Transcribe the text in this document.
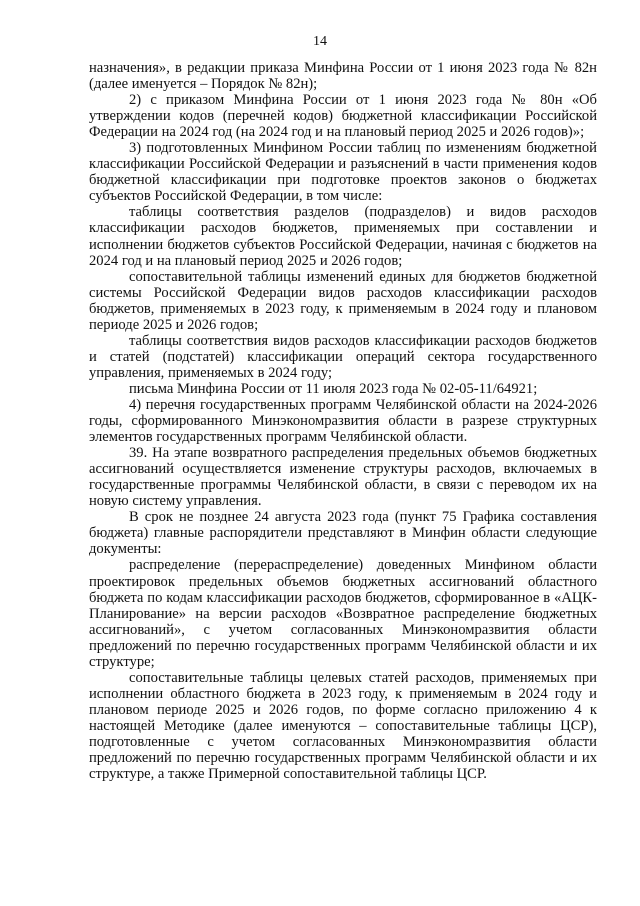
14

назначения», в редакции приказа Минфина России от 1 июня 2023 года № 82н (далее именуется – Порядок № 82н);

2) с приказом Минфина России от 1 июня 2023 года № 80н «Об утверждении кодов (перечней кодов) бюджетной классификации Российской Федерации на 2024 год (на 2024 год и на плановый период 2025 и 2026 годов)»;

3) подготовленных Минфином России таблиц по изменениям бюджетной классификации Российской Федерации и разъяснений в части применения кодов бюджетной классификации при подготовке проектов законов о бюджетах субъектов Российской Федерации, в том числе:

таблицы соответствия разделов (подразделов) и видов расходов классификации расходов бюджетов, применяемых при составлении и исполнении бюджетов субъектов Российской Федерации, начиная с бюджетов на 2024 год и на плановый период 2025 и 2026 годов;

сопоставительной таблицы изменений единых для бюджетов бюджетной системы Российской Федерации видов расходов классификации расходов бюджетов, применяемых в 2023 году, к применяемым в 2024 году и плановом периоде 2025 и 2026 годов;

таблицы соответствия видов расходов классификации расходов бюджетов и статей (подстатей) классификации операций сектора государственного управления, применяемых в 2024 году;

письма Минфина России от 11 июля 2023 года № 02-05-11/64921;

4) перечня государственных программ Челябинской области на 2024-2026 годы, сформированного Минэкономразвития области в разрезе структурных элементов государственных программ Челябинской области.

39. На этапе возвратного распределения предельных объемов бюджетных ассигнований осуществляется изменение структуры расходов, включаемых в государственные программы Челябинской области, в связи с переводом их на новую систему управления.

В срок не позднее 24 августа 2023 года (пункт 75 Графика составления бюджета) главные распорядители представляют в Минфин области следующие документы:

распределение (перераспределение) доведенных Минфином области проектировок предельных объемов бюджетных ассигнований областного бюджета по кодам классификации расходов бюджетов, сформированное в «АЦК-Планирование» на версии расходов «Возвратное распределение бюджетных ассигнований», с учетом согласованных Минэкономразвития области предложений по перечню государственных программ Челябинской области и их структуре;

сопоставительные таблицы целевых статей расходов, применяемых при исполнении областного бюджета в 2023 году, к применяемым в 2024 году и плановом периоде 2025 и 2026 годов, по форме согласно приложению 4 к настоящей Методике (далее именуются – сопоставительные таблицы ЦСР), подготовленные с учетом согласованных Минэкономразвития области предложений по перечню государственных программ Челябинской области и их структуре, а также Примерной сопоставительной таблицы ЦСР.
